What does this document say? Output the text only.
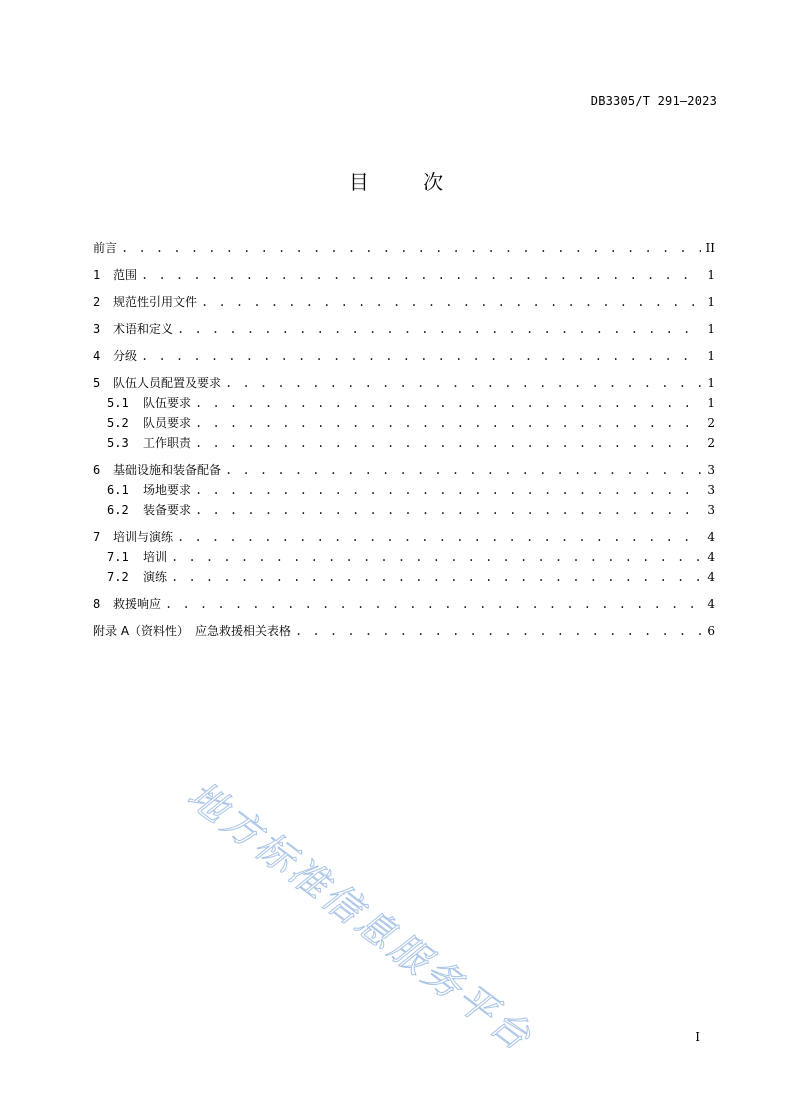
DB3305/T 291—2023
目	次
前言 . . .	II
1	范围 . . .	1
2	规范性引用文件 . . .	1
3	术语和定义 . . .	1
4	分级 . . .	1
5	队伍人员配置及要求 . . .	1
5.1	队伍要求 . . .	1
5.2	队员要求 . . .	2
5.3	工作职责 . . .	2
6	基础设施和装备配备 . . .	3
6.1	场地要求 . . .	3
6.2	装备要求 . . .	3
7	培训与演练 . . .	4
7.1	培训 . . .	4
7.2	演练 . . .	4
8	救援响应 . . .	4
附录 A（资料性）　应急救援相关表格 . . .	6
地方标准信息服务平台	I
